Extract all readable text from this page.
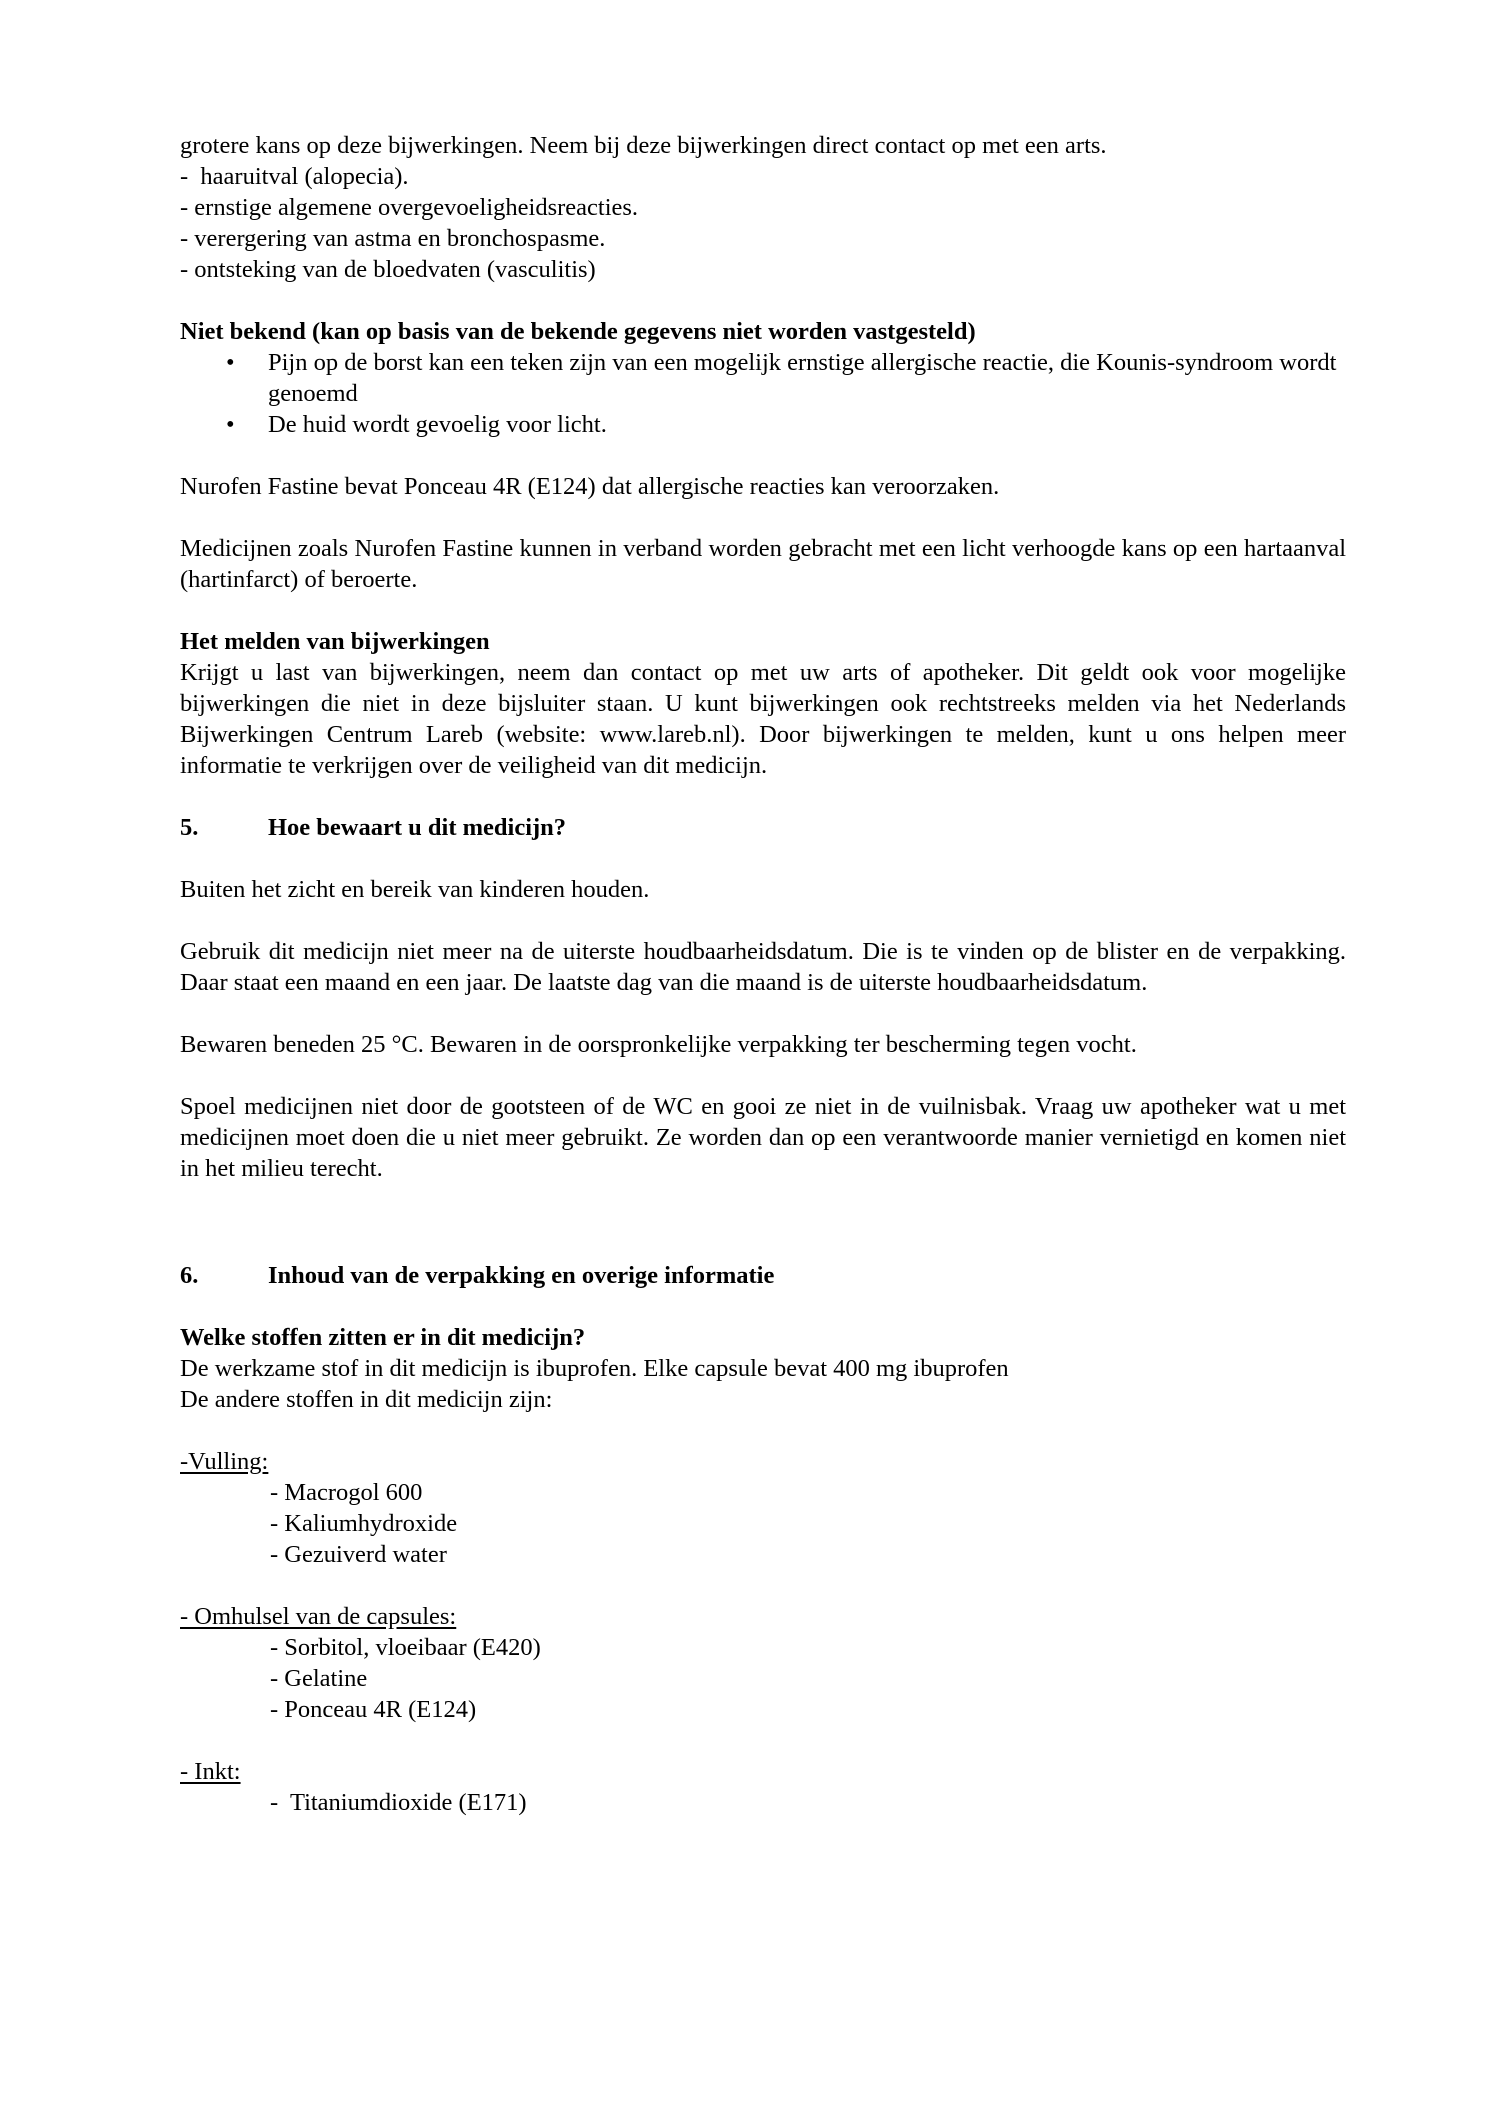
grotere kans op deze bijwerkingen. Neem bij deze bijwerkingen direct contact op met een arts.

-  haaruitval (alopecia).

- ernstige algemene overgevoeligheidsreacties.

- verergering van astma en bronchospasme.

- ontsteking van de bloedvaten (vasculitis)

Niet bekend (kan op basis van de bekende gegevens niet worden vastgesteld)

• Pijn op de borst kan een teken zijn van een mogelijk ernstige allergische reactie, die Kounis-syndroom wordt genoemd
• De huid wordt gevoelig voor licht.

Nurofen Fastine bevat Ponceau 4R (E124) dat allergische reacties kan veroorzaken.

Medicijnen zoals Nurofen Fastine kunnen in verband worden gebracht met een licht verhoogde kans op een hartaanval (hartinfarct) of beroerte.

Het melden van bijwerkingen

Krijgt u last van bijwerkingen, neem dan contact op met uw arts of apotheker. Dit geldt ook voor mogelijke bijwerkingen die niet in deze bijsluiter staan. U kunt bijwerkingen ook rechtstreeks melden via het Nederlands Bijwerkingen Centrum Lareb (website: www.lareb.nl). Door bijwerkingen te melden, kunt u ons helpen meer informatie te verkrijgen over de veiligheid van dit medicijn.

5.	Hoe bewaart u dit medicijn?

Buiten het zicht en bereik van kinderen houden.

Gebruik dit medicijn niet meer na de uiterste houdbaarheidsdatum. Die is te vinden op de blister en de verpakking. Daar staat een maand en een jaar. De laatste dag van die maand is de uiterste houdbaarheidsdatum.

Bewaren beneden 25 °C. Bewaren in de oorspronkelijke verpakking ter bescherming tegen vocht.

Spoel medicijnen niet door de gootsteen of de WC en gooi ze niet in de vuilnisbak. Vraag uw apotheker wat u met medicijnen moet doen die u niet meer gebruikt. Ze worden dan op een verantwoorde manier vernietigd en komen niet in het milieu terecht.

6.	Inhoud van de verpakking en overige informatie

Welke stoffen zitten er in dit medicijn?

De werkzame stof in dit medicijn is ibuprofen. Elke capsule bevat 400 mg ibuprofen

De andere stoffen in dit medicijn zijn:

-Vulling:

- Macrogol 600

- Kaliumhydroxide

- Gezuiverd water

- Omhulsel van de capsules:

- Sorbitol, vloeibaar (E420)

- Gelatine

- Ponceau 4R (E124)

- Inkt:

-  Titaniumdioxide (E171)
